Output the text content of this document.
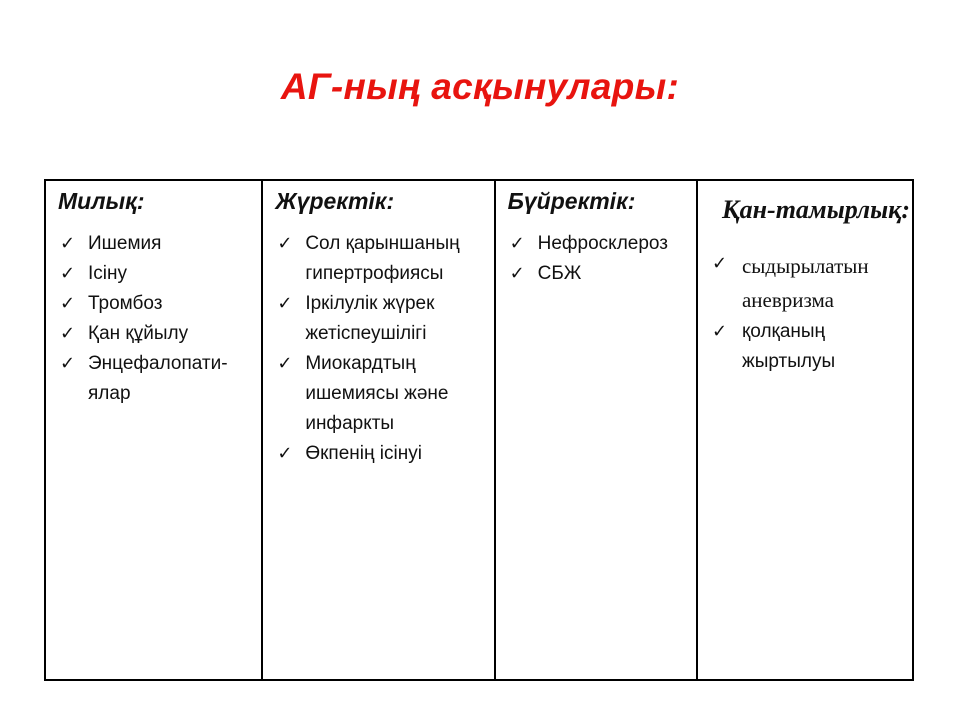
АГ-ның асқынулары:
Милық:
✓ Ишемия
✓ Ісіну
✓ Тромбоз
✓ Қан құйылу
✓ Энцефалопатиялар
Жүректік:
✓ Сол қарыншаның гипертрофиясы
✓ Іркілулік жүрек жетіспеушілігі
✓ Миокардтың ишемиясы және инфаркты
✓ Өкпенің ісінуі
Бүйректік:
✓ Нефросклероз
✓ СБЖ
Қан-тамырлық:
✓ сыдырылатын аневризма
✓ қолқаның жыртылуы
